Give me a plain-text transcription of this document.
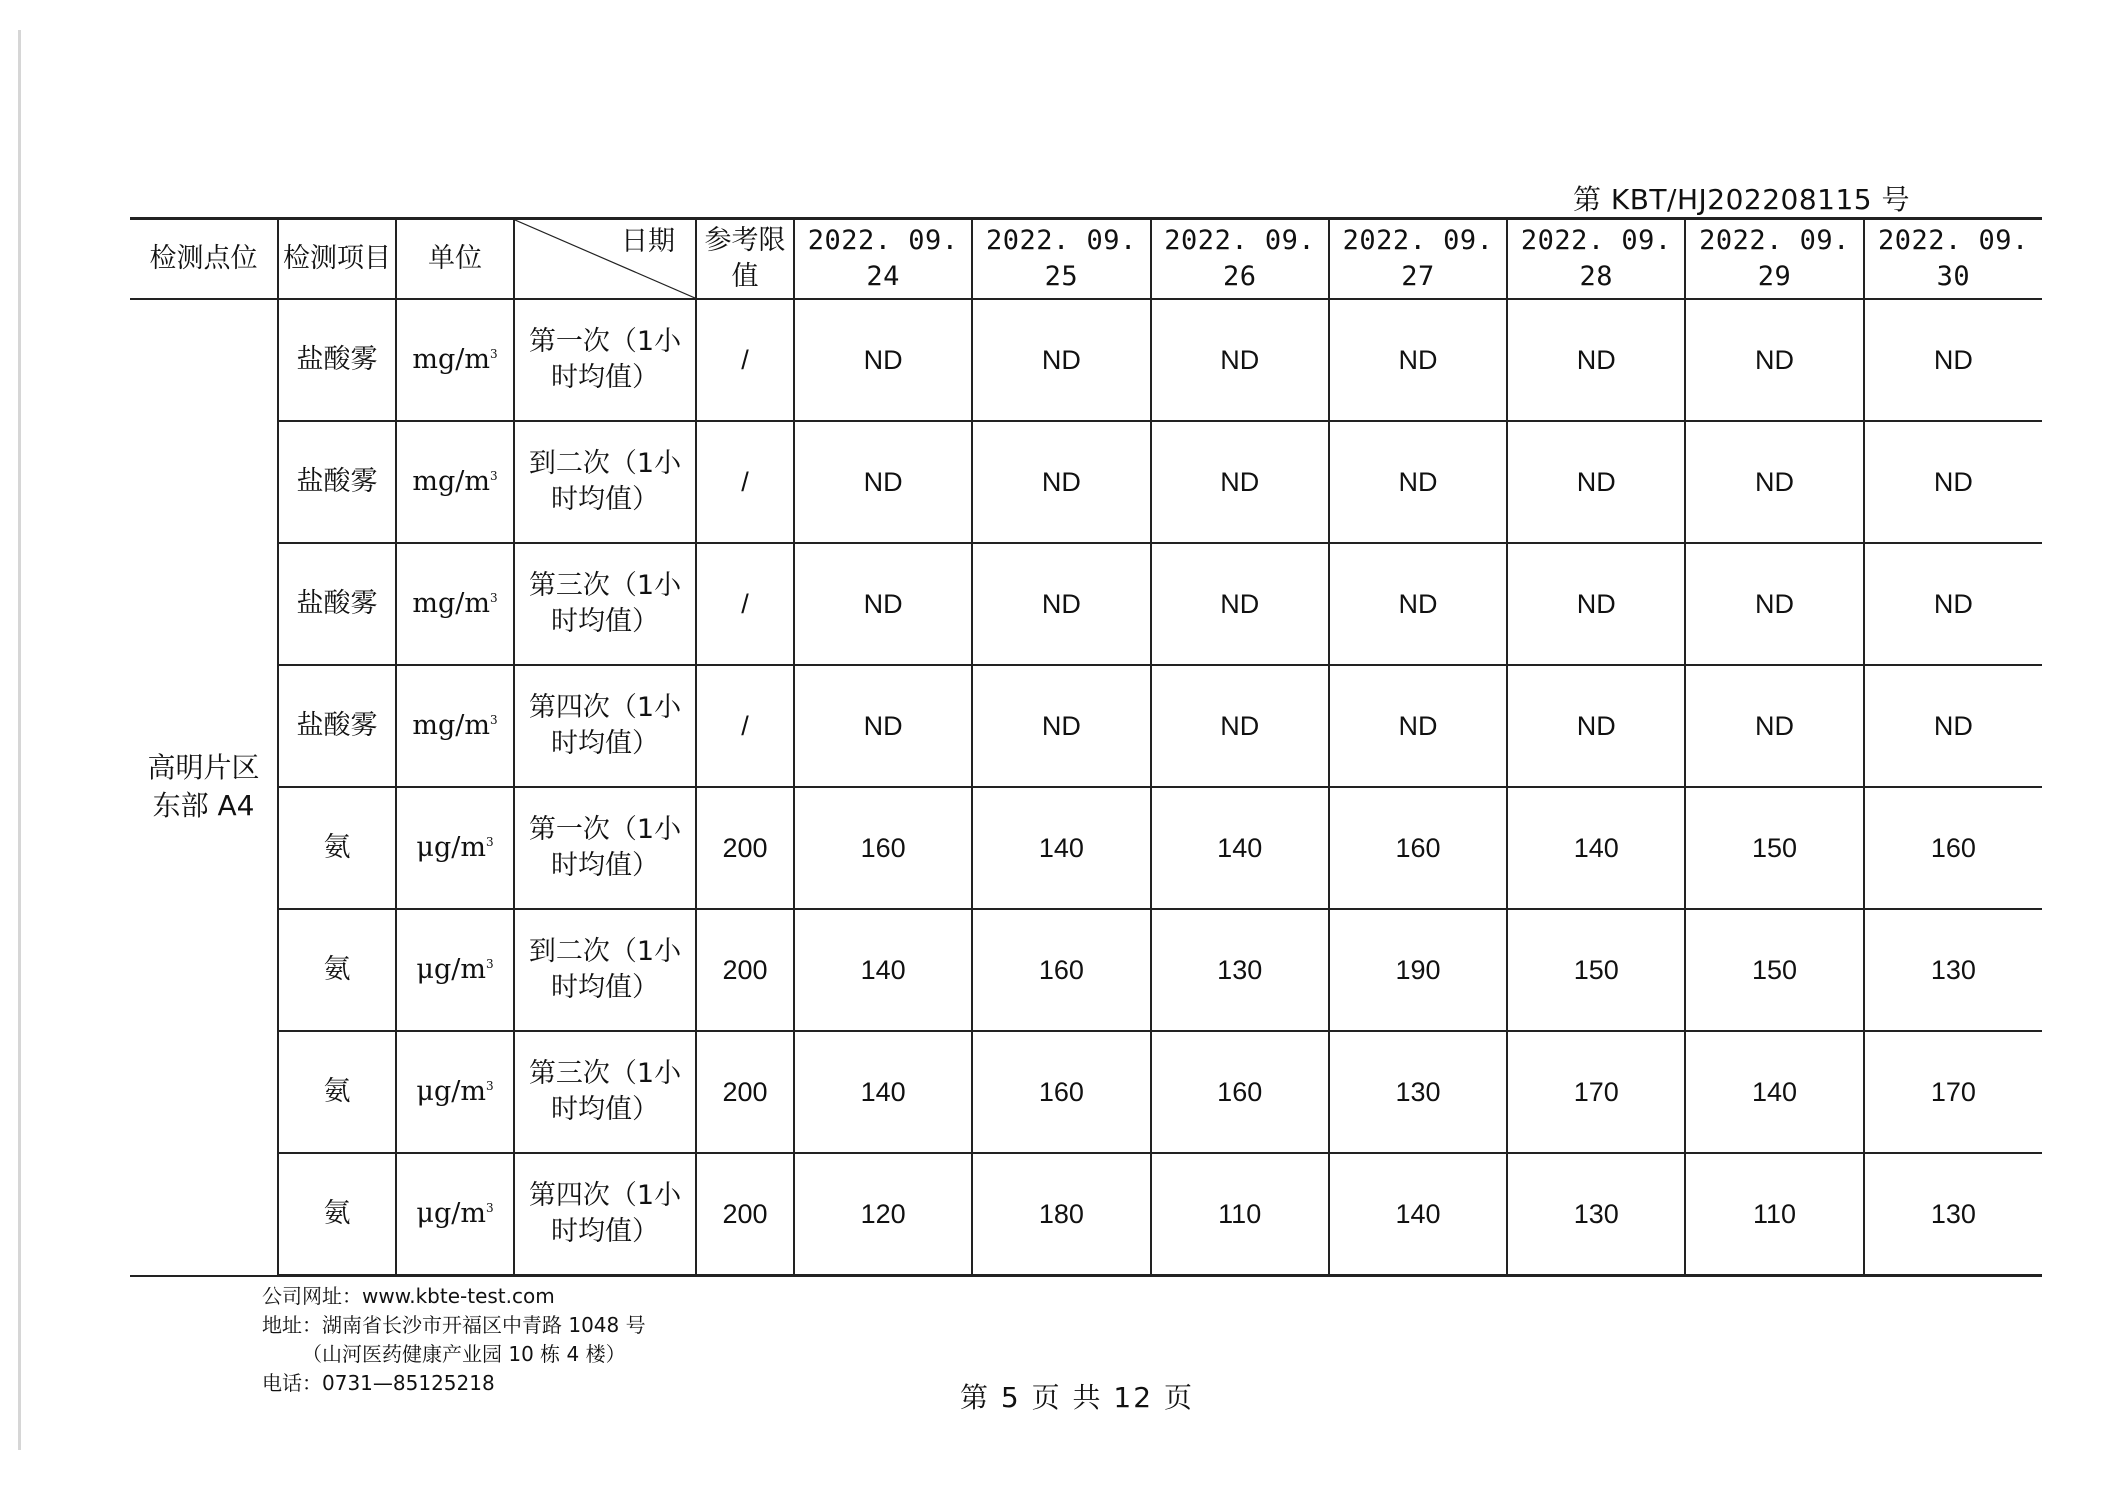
第 KBT/HJ202208115 号
检测点位	检测项目	单位	日期	参考限值	2022. 09. 24	2022. 09. 25	2022. 09. 26	2022. 09. 27	2022. 09. 28	2022. 09. 29	2022. 09. 30
高明片区东部 A4	盐酸雾	$mg/m^3$	第一次（1小时均值）	/	ND	ND	ND	ND	ND	ND	ND
	盐酸雾	$mg/m^3$	到二次（1小时均值）	/	ND	ND	ND	ND	ND	ND	ND
	盐酸雾	$mg/m^3$	第三次（1小时均值）	/	ND	ND	ND	ND	ND	ND	ND
	盐酸雾	$mg/m^3$	第四次（1小时均值）	/	ND	ND	ND	ND	ND	ND	ND
	氨	$\mu g/m^3$	第一次（1小时均值）	200	160	140	140	160	140	150	160
	氨	$\mu g/m^3$	到二次（1小时均值）	200	140	160	130	190	150	150	130
	氨	$\mu g/m^3$	第三次（1小时均值）	200	140	160	160	130	170	140	170
	氨	$\mu g/m^3$	第四次（1小时均值）	200	120	180	110	140	130	110	130
公司网址：www.kbte-test.com
地址：湖南省长沙市开福区中青路 1048 号
（山河医药健康产业园 10 栋 4 楼）
电话：0731—85125218	第 5 页 共 12 页
